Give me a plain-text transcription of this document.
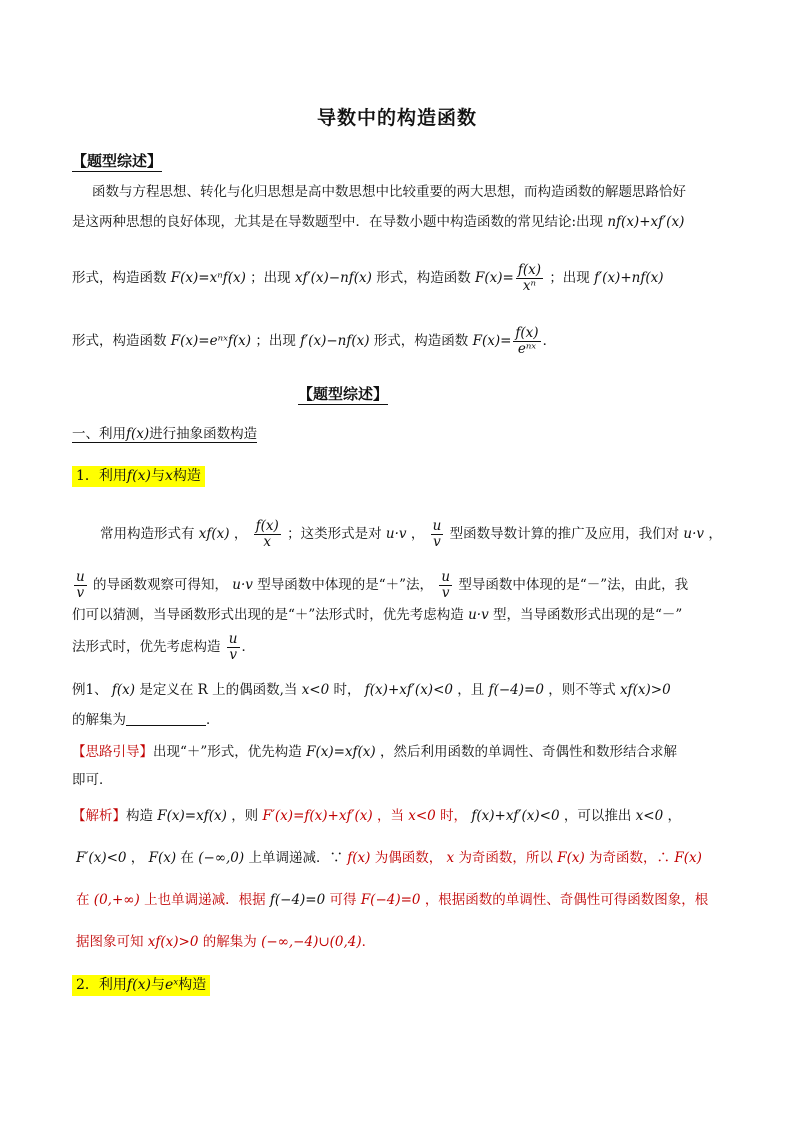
导数中的构造函数
【题型综述】
函数与方程思想、转化与化归思想是高中数思想中比较重要的两大思想，而构造函数的解题思路恰好
是这两种思想的良好体现，尤其是在导数题型中．在导数小题中构造函数的常见结论:出现 nf(x)+xf′(x)
形式，构造函数 F(x)=xⁿf(x) ；出现 xf′(x)−nf(x) 形式，构造函数 $F(x)= \frac{f(x)}{\text{xⁿ}}$ ；出现 f′(x)+nf(x)
形式，构造函数 F(x)=eⁿˣf(x) ；出现 f′(x)−nf(x) 形式，构造函数 $F(x)= \frac{f(x)}{\text{eⁿˣ}}$ ．
【题型综述】
一、利用f(x)进行抽象函数构造
1．利用f(x)与x构造
常用构造形式有 xf(x) ， $\frac{f(x)}{x}$ ；这类形式是对 u·v ， $\frac{u}{v}$ 型函数导数计算的推广及应用，我们对 u·v ，
$\frac{u}{v}$ 的导函数观察可得知， u·v 型导函数中体现的是“＋”法， $\frac{u}{v}$ 型导函数中体现的是“－”法，由此，我
们可以猜测，当导函数形式出现的是“＋”法形式时，优先考虑构造 u·v 型，当导函数形式出现的是“－”
法形式时，优先考虑构造 $\frac{u}{v}$ ．
例1、 f(x) 是定义在 R 上的偶函数,当 x<0 时， f(x)+xf′(x)<0 ，且 f(−4)=0 ，则不等式 xf(x)>0
的解集为	．
【思路引导】出现“＋”形式，优先构造 F(x)=xf(x) ，然后利用函数的单调性、奇偶性和数形结合求解
即可．
【解析】构造 F(x)=xf(x) ，则 F′(x)=f(x)+xf′(x) ，当 x<0 时， f(x)+xf′(x)<0 ，可以推出 x<0 ，
F′(x)<0 ， F(x) 在 (−∞,0) 上单调递减．∵ f(x) 为偶函数， x 为奇函数，所以 F(x) 为奇函数，∴ F(x)
在 (0,+∞) 上也单调递减．根据 f(−4)=0 可得 F(−4)=0 ，根据函数的单调性、奇偶性可得函数图象，根
据图象可知 xf(x)>0 的解集为 (−∞,−4)∪(0,4)．
2．利用f(x)与eˣ构造
